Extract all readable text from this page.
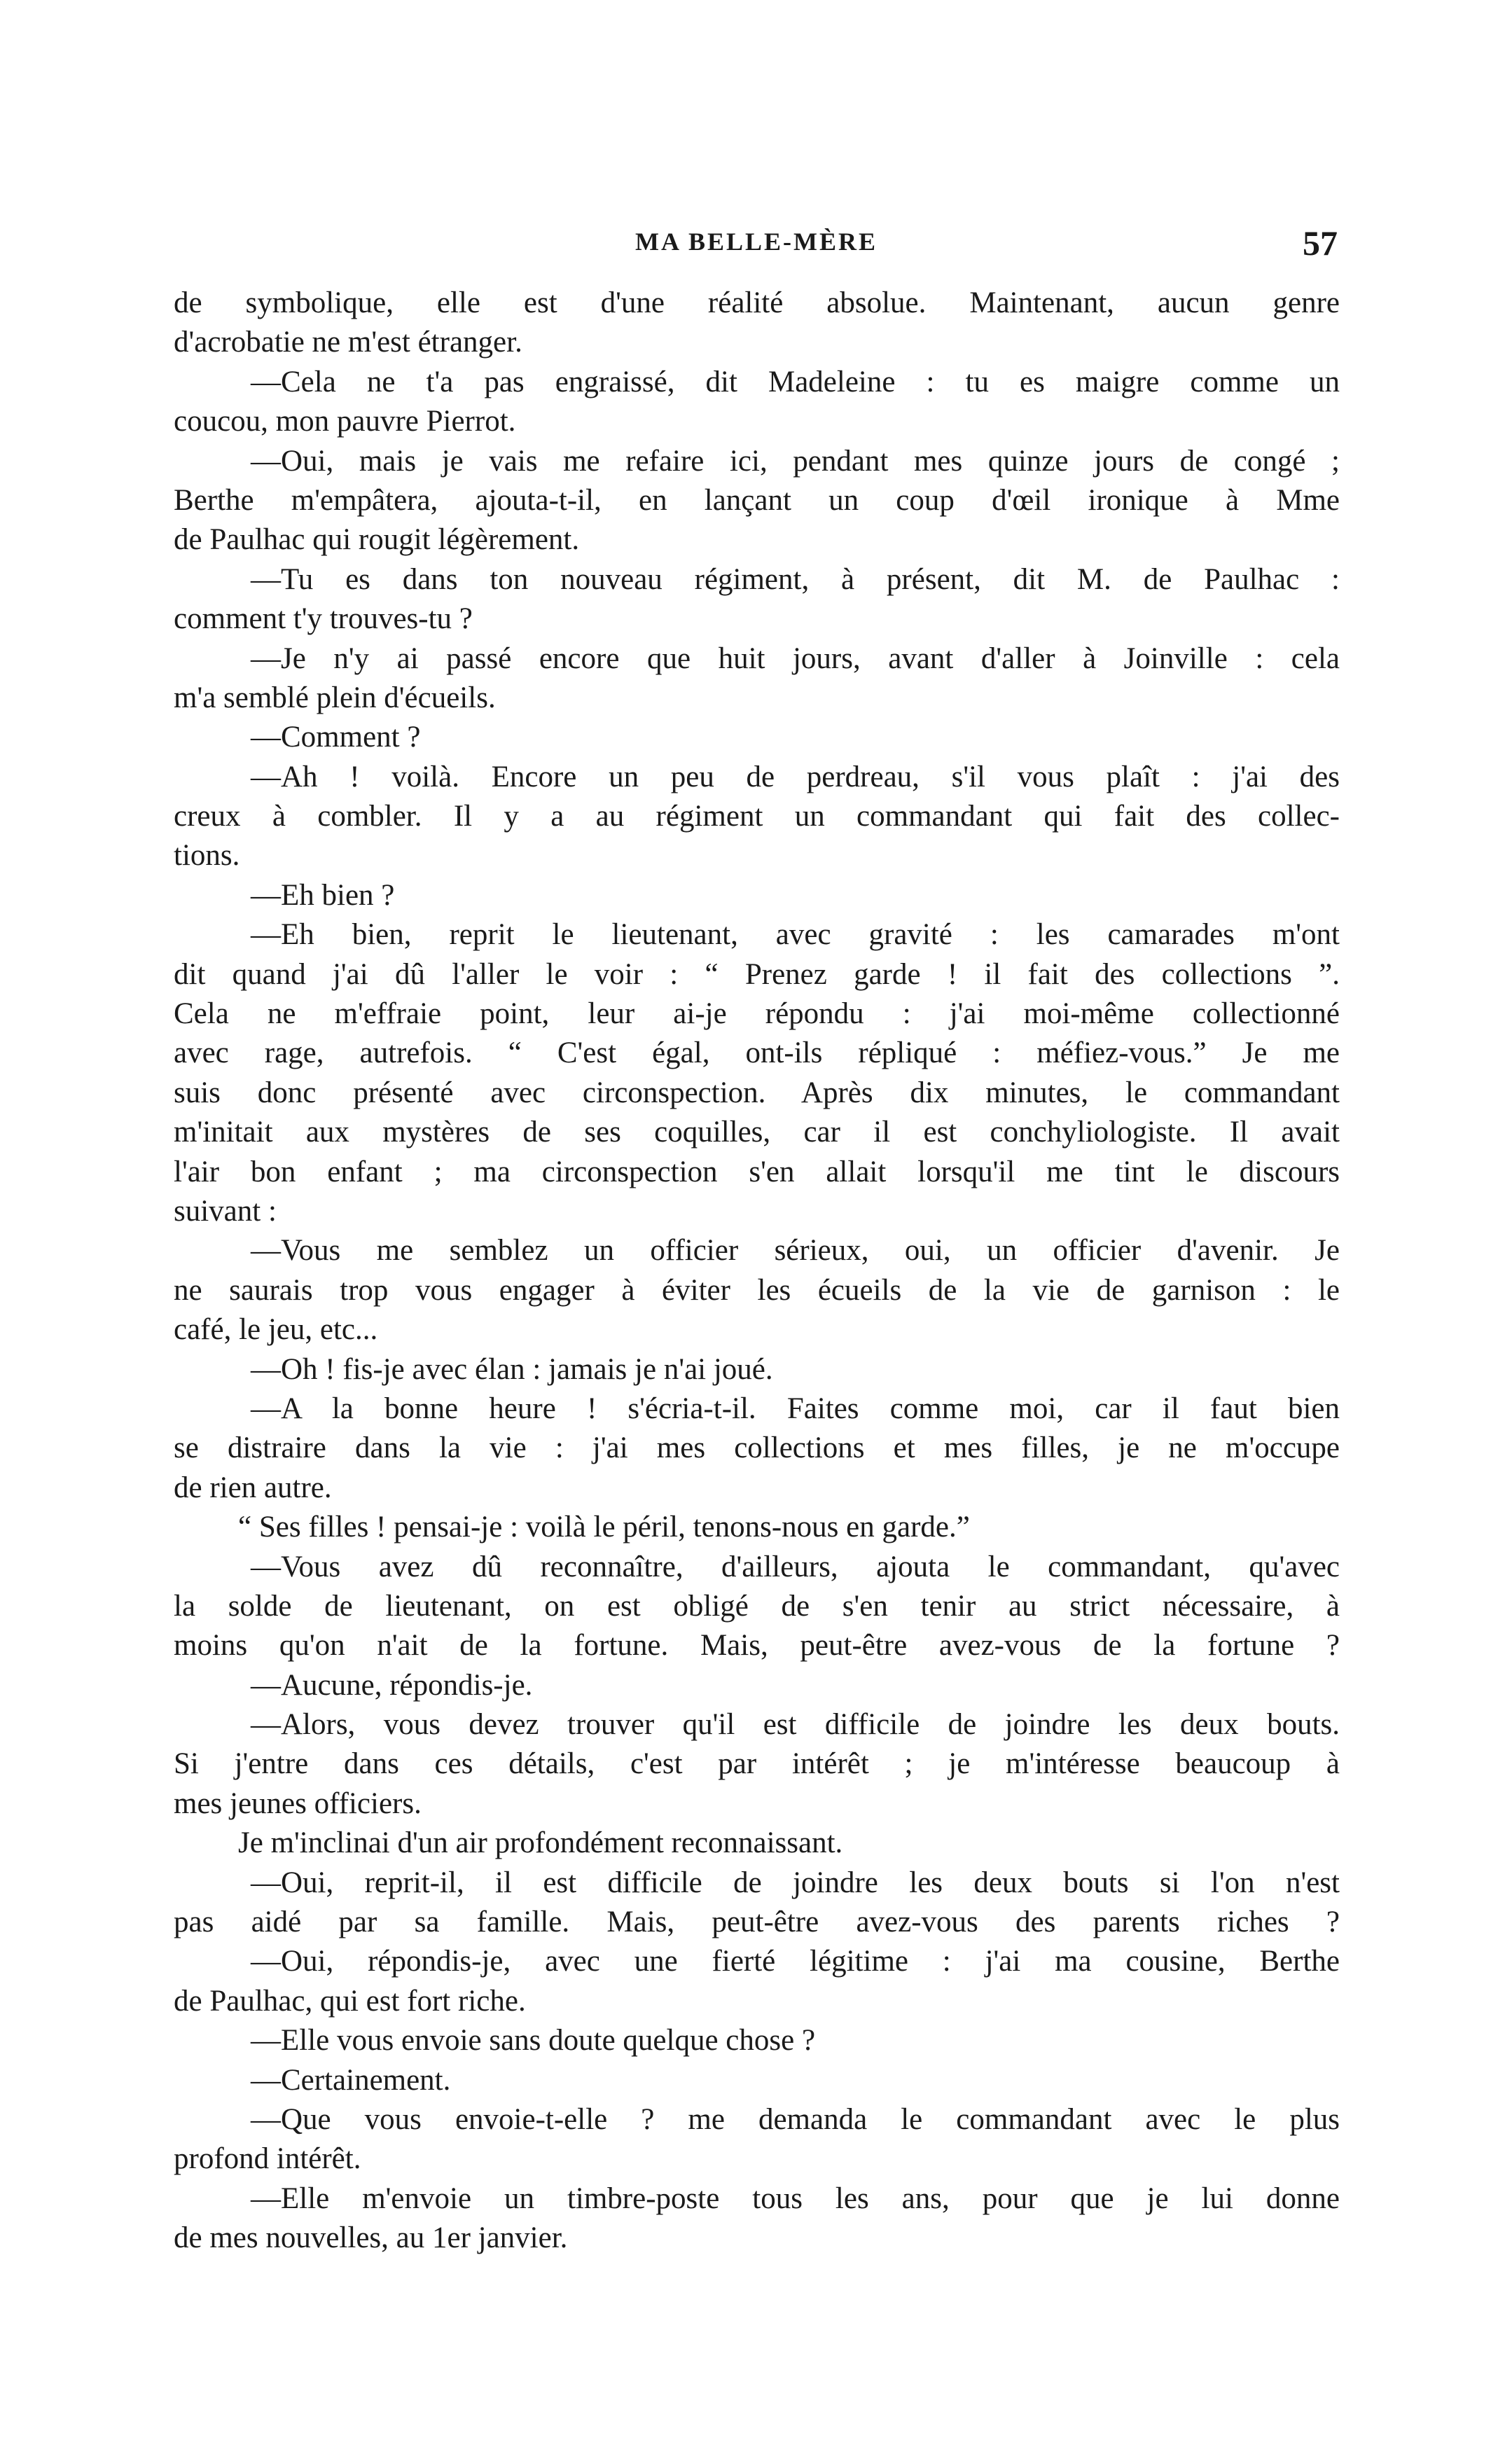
MA BELLE-MÈRE	57
de symbolique, elle est d'une réalité absolue. Maintenant, aucun genre
d'acrobatie ne m'est étranger.
—Cela ne t'a pas engraissé, dit Madeleine : tu es maigre comme un
coucou, mon pauvre Pierrot.
—Oui, mais je vais me refaire ici, pendant mes quinze jours de congé ;
Berthe m'empâtera, ajouta-t-il, en lançant un coup d'œil ironique à Mme
de Paulhac qui rougit légèrement.
—Tu es dans ton nouveau régiment, à présent, dit M. de Paulhac :
comment t'y trouves-tu ?
—Je n'y ai passé encore que huit jours, avant d'aller à Joinville : cela
m'a semblé plein d'écueils.
—Comment ?
—Ah ! voilà. Encore un peu de perdreau, s'il vous plaît : j'ai des
creux à combler. Il y a au régiment un commandant qui fait des collec-
tions.
—Eh bien ?
—Eh bien, reprit le lieutenant, avec gravité : les camarades m'ont
dit quand j'ai dû l'aller le voir : “ Prenez garde ! il fait des collections ”.
Cela ne m'effraie point, leur ai-je répondu : j'ai moi-même collectionné
avec rage, autrefois. “ C'est égal, ont-ils répliqué : méfiez-vous.” Je me
suis donc présenté avec circonspection. Après dix minutes, le commandant
m'initait aux mystères de ses coquilles, car il est conchyliologiste. Il avait
l'air bon enfant ; ma circonspection s'en allait lorsqu'il me tint le discours
suivant :
—Vous me semblez un officier sérieux, oui, un officier d'avenir. Je
ne saurais trop vous engager à éviter les écueils de la vie de garnison : le
café, le jeu, etc...
—Oh ! fis-je avec élan : jamais je n'ai joué.
—A la bonne heure ! s'écria-t-il. Faites comme moi, car il faut bien
se distraire dans la vie : j'ai mes collections et mes filles, je ne m'occupe
de rien autre.
“ Ses filles ! pensai-je : voilà le péril, tenons-nous en garde.”
—Vous avez dû reconnaître, d'ailleurs, ajouta le commandant, qu'avec
la solde de lieutenant, on est obligé de s'en tenir au strict nécessaire, à
moins qu'on n'ait de la fortune. Mais, peut-être avez-vous de la fortune ?
—Aucune, répondis-je.
—Alors, vous devez trouver qu'il est difficile de joindre les deux bouts.
Si j'entre dans ces détails, c'est par intérêt ; je m'intéresse beaucoup à
mes jeunes officiers.
Je m'inclinai d'un air profondément reconnaissant.
—Oui, reprit-il, il est difficile de joindre les deux bouts si l'on n'est
pas aidé par sa famille. Mais, peut-être avez-vous des parents riches ?
—Oui, répondis-je, avec une fierté légitime : j'ai ma cousine, Berthe
de Paulhac, qui est fort riche.
—Elle vous envoie sans doute quelque chose ?
—Certainement.
—Que vous envoie-t-elle ? me demanda le commandant avec le plus
profond intérêt.
—Elle m'envoie un timbre-poste tous les ans, pour que je lui donne
de mes nouvelles, au 1er janvier.
